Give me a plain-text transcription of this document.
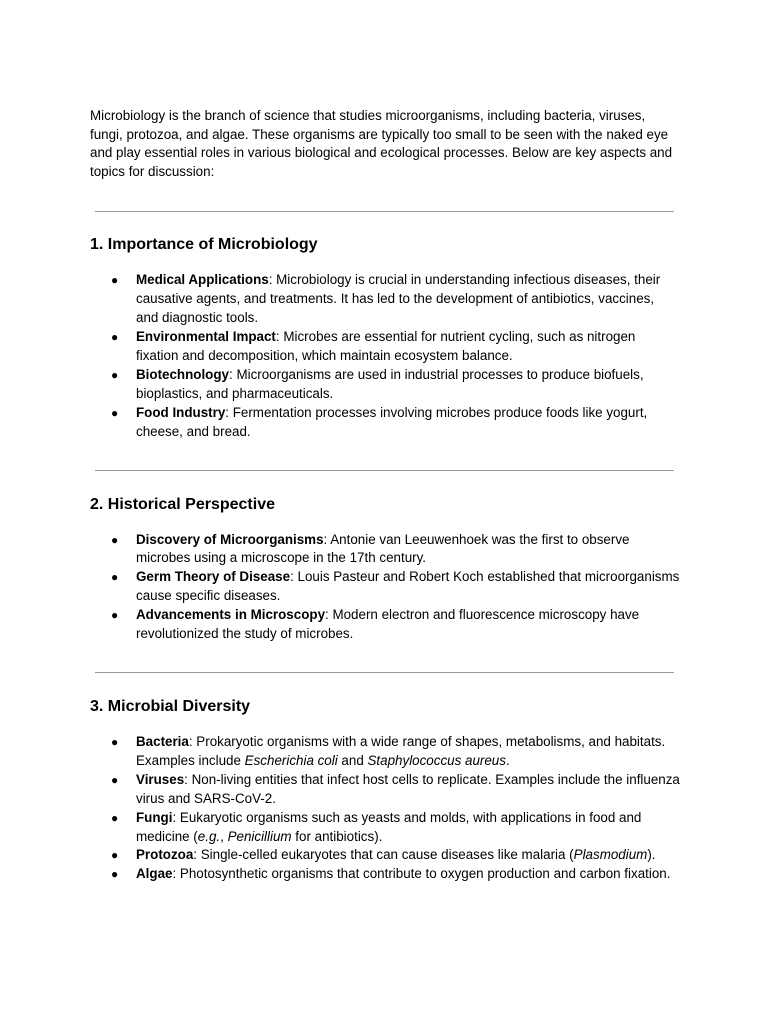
Microbiology is the branch of science that studies microorganisms, including bacteria, viruses, fungi, protozoa, and algae. These organisms are typically too small to be seen with the naked eye and play essential roles in various biological and ecological processes. Below are key aspects and topics for discussion:

1. Importance of Microbiology
● Medical Applications: Microbiology is crucial in understanding infectious diseases, their causative agents, and treatments. It has led to the development of antibiotics, vaccines, and diagnostic tools.
● Environmental Impact: Microbes are essential for nutrient cycling, such as nitrogen fixation and decomposition, which maintain ecosystem balance.
● Biotechnology: Microorganisms are used in industrial processes to produce biofuels, bioplastics, and pharmaceuticals.
● Food Industry: Fermentation processes involving microbes produce foods like yogurt, cheese, and bread.
2. Historical Perspective
● Discovery of Microorganisms: Antonie van Leeuwenhoek was the first to observe microbes using a microscope in the 17th century.
● Germ Theory of Disease: Louis Pasteur and Robert Koch established that microorganisms cause specific diseases.
● Advancements in Microscopy: Modern electron and fluorescence microscopy have revolutionized the study of microbes.
3. Microbial Diversity
● Bacteria: Prokaryotic organisms with a wide range of shapes, metabolisms, and habitats. Examples include Escherichia coli and Staphylococcus aureus.
● Viruses: Non-living entities that infect host cells to replicate. Examples include the influenza virus and SARS-CoV-2.
● Fungi: Eukaryotic organisms such as yeasts and molds, with applications in food and medicine (e.g., Penicillium for antibiotics).
● Protozoa: Single-celled eukaryotes that can cause diseases like malaria (Plasmodium).
● Algae: Photosynthetic organisms that contribute to oxygen production and carbon fixation.
